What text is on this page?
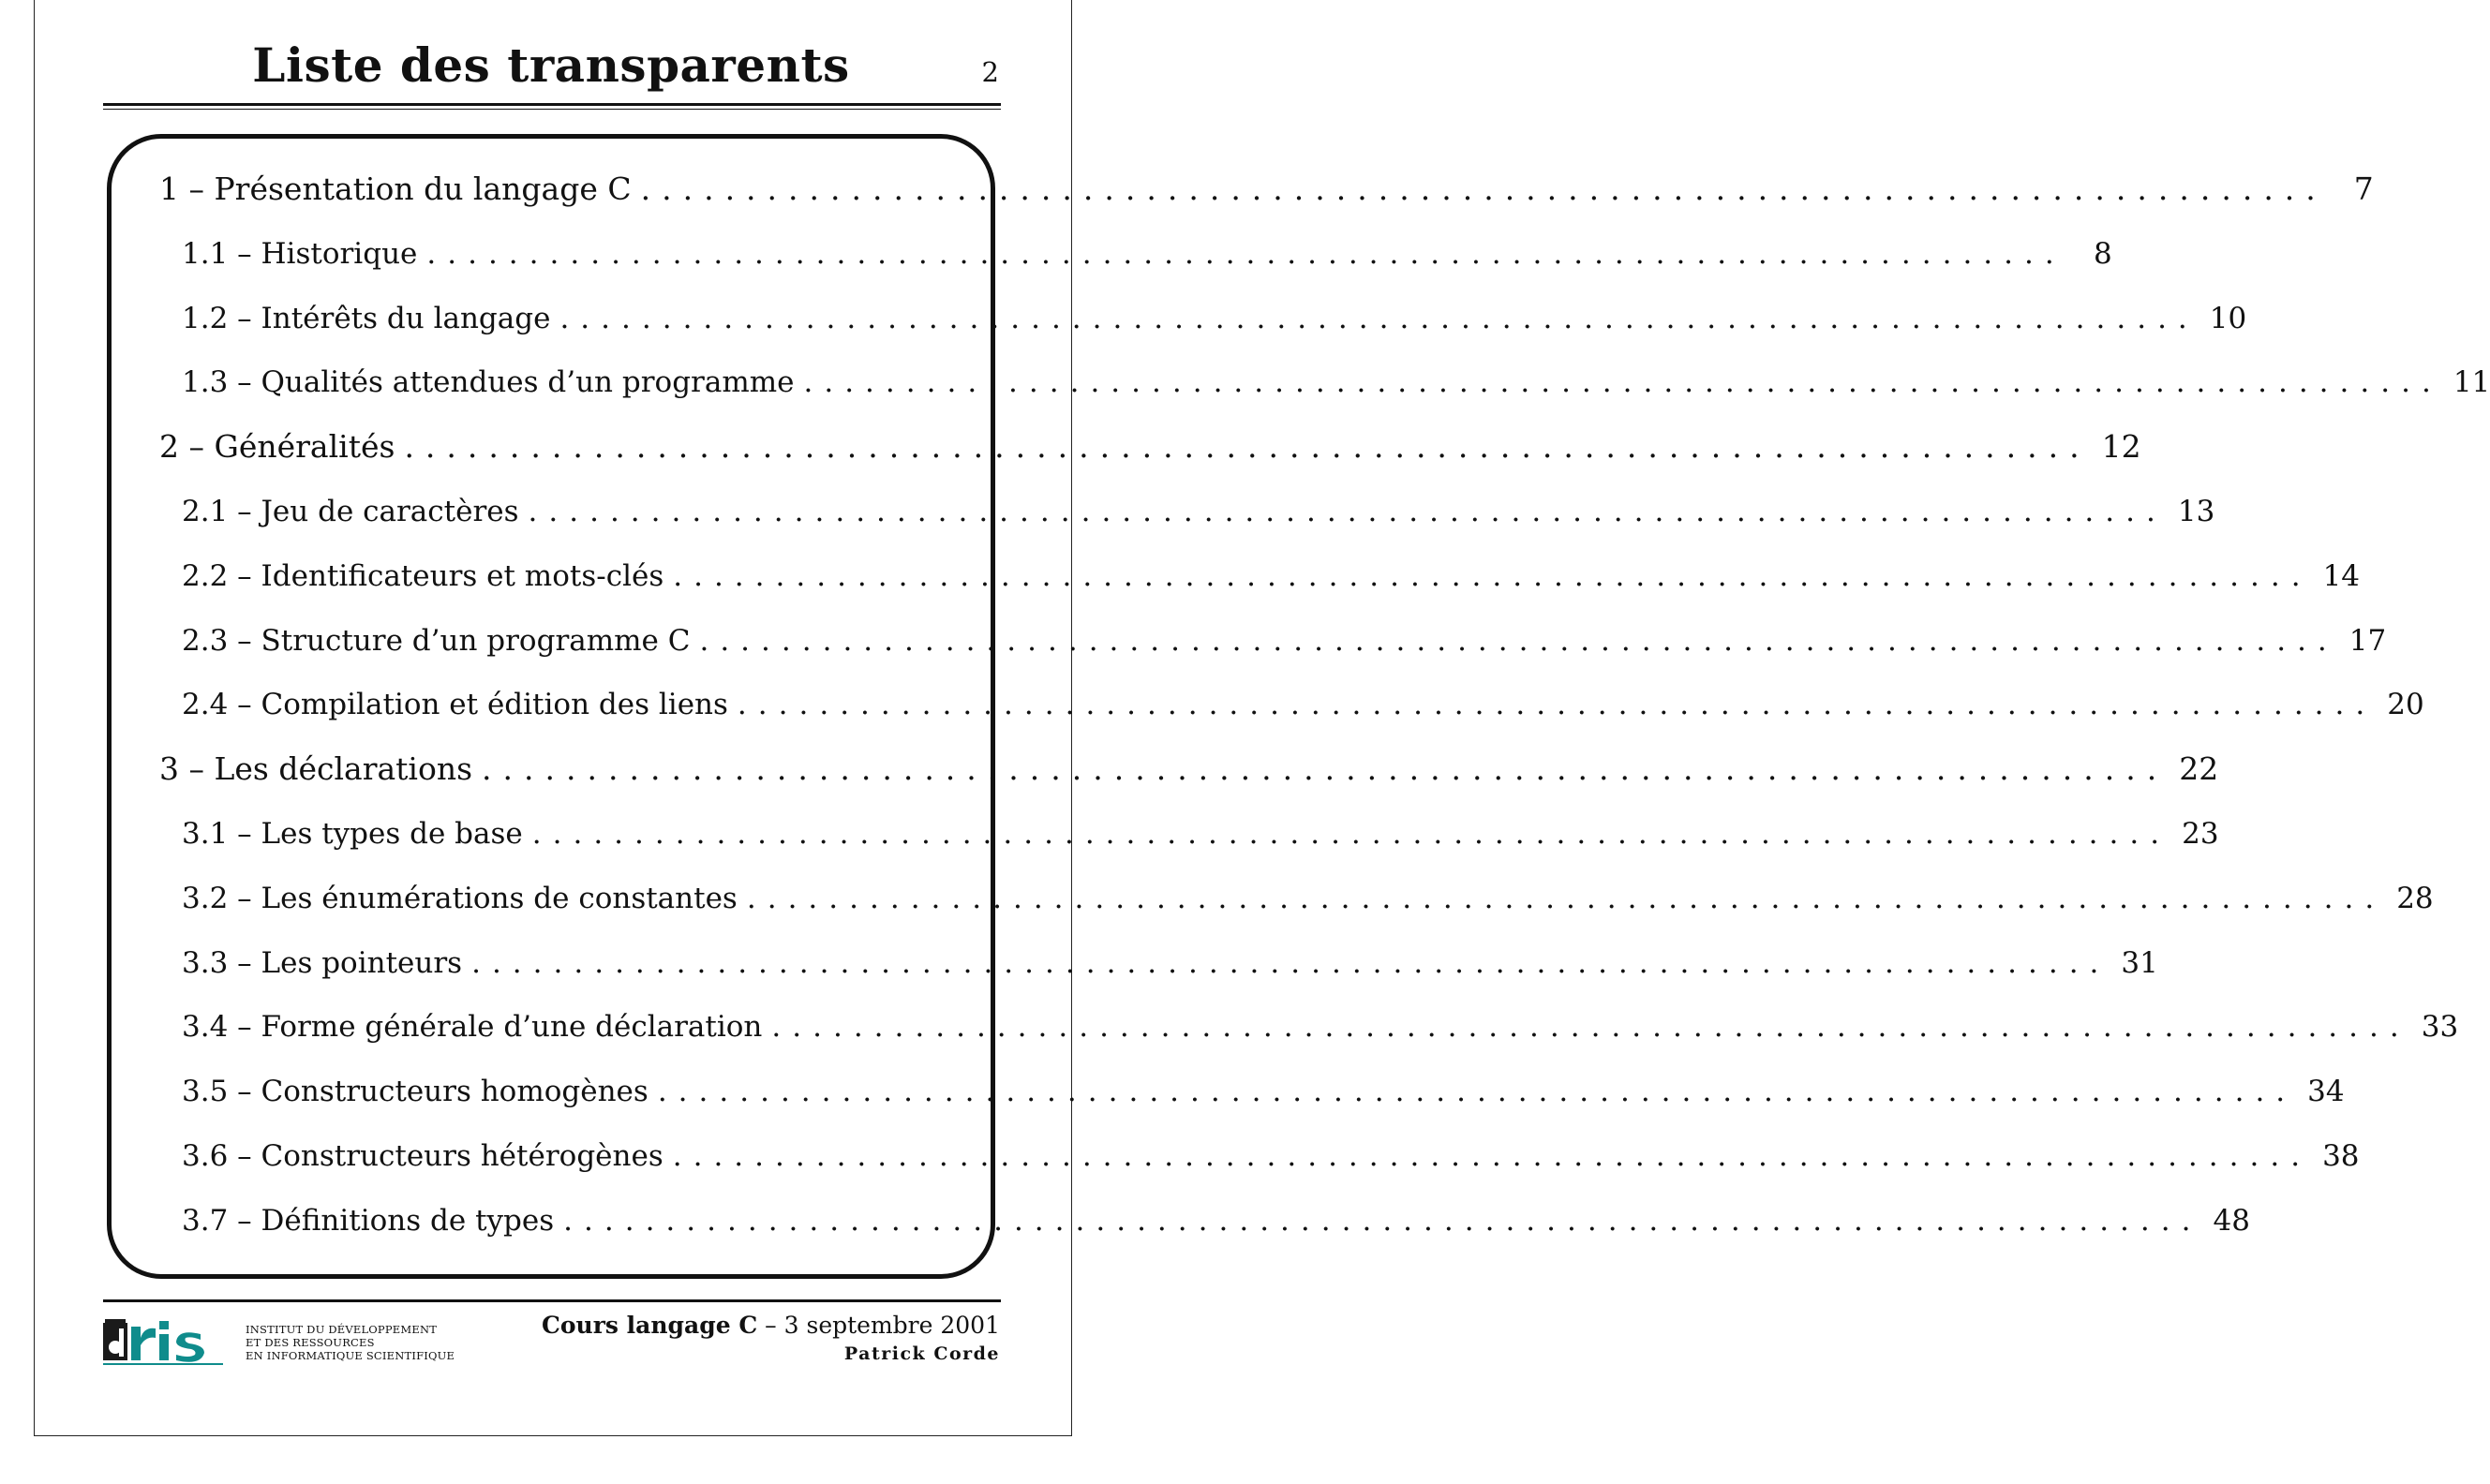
Liste des transparents	2
1 – Présentation du langage C ................................................................................ 7
1.1 – Historique ................................................................................ 8
1.2 – Intérêts du langage ................................................................................ 10
1.3 – Qualités attendues d’un programme ................................................................................ 11
2 – Généralités ................................................................................ 12
2.1 – Jeu de caractères ................................................................................ 13
2.2 – Identificateurs et mots-clés ................................................................................ 14
2.3 – Structure d’un programme C ................................................................................ 17
2.4 – Compilation et édition des liens ................................................................................ 20
3 – Les déclarations ................................................................................ 22
3.1 – Les types de base ................................................................................ 23
3.2 – Les énumérations de constantes ................................................................................ 28
3.3 – Les pointeurs ................................................................................ 31
3.4 – Forme générale d’une déclaration ................................................................................ 33
3.5 – Constructeurs homogènes ................................................................................ 34
3.6 – Constructeurs hétérogènes ................................................................................ 38
3.7 – Définitions de types ................................................................................ 48
INSTITUT DU DÉVELOPPEMENT
ET DES RESSOURCES
EN INFORMATIQUE SCIENTIFIQUE
Cours langage C – 3 septembre 2001
Patrick Corde
